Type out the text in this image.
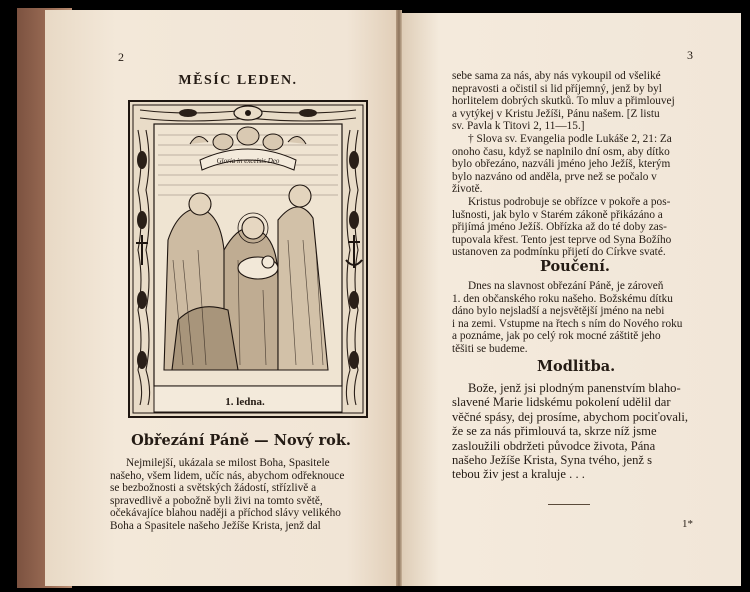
2
MĚSÍC LEDEN.
Gloria in excelsis Deo
1. ledna.
Obřezání Páně — Nový rok.

Nejmilejší, ukázala se milost Boha, Spasitele

našeho, všem lidem, učíc nás, abychom odřeknouce

se bezbožnosti a světských žádostí, střízlivě a

spravedlivě a pobožně byli živi na tomto světě,

očekávajíce blahou naději a příchod slávy velikého

Boha a Spasitele našeho Ježíše Krista, jenž dal

3

sebe sama za nás, aby nás vykoupil od všeliké

nepravosti a očistil si lid příjemný, jenž by byl

horlitelem dobrých skutků. To mluv a přimlouvej

a vytýkej v Kristu Ježíši, Pánu našem. [Z listu

sv. Pavla k Titovi 2, 11—15.]

† Slova sv. Evangelia podle Lukáše 2, 21: Za

onoho času, když se naplnilo dní osm, aby dítko

bylo obřezáno, nazváli jméno jeho Ježíš, kterým

bylo nazváno od anděla, prve než se počalo v

životě.

Kristus podrobuje se obřízce v pokoře a pos-

lušnosti, jak bylo v Starém zákoně přikázáno a

přijímá jméno Ježíš. Obřízka až do té doby zas-

tupovala křest. Tento jest teprve od Syna Božího

ustanoven za podmínku přijetí do Církve svaté.

Poučení.

Dnes na slavnost obřezání Páně, je zároveň

1. den občanského roku našeho. Božskému dítku

dáno bylo nejsladší a nejsvětější jméno na nebi

i na zemi. Vstupme na řtech s ním do Nového roku

a poznáme, jak po celý rok mocné záštitě jeho

těšiti se budeme.

Modlitba.

Bože, jenž jsi plodným panenstvím blaho-

slavené Marie lidskému pokolení udělil dar

věčné spásy, dej prosíme, abychom pociťovali,

že se za nás přimlouvá ta, skrze níž jsme

zasloužili obdržeti původce života, Pána

našeho Ježíše Krista, Syna tvého, jenž s

tebou živ jest a kraluje . . .

1*
